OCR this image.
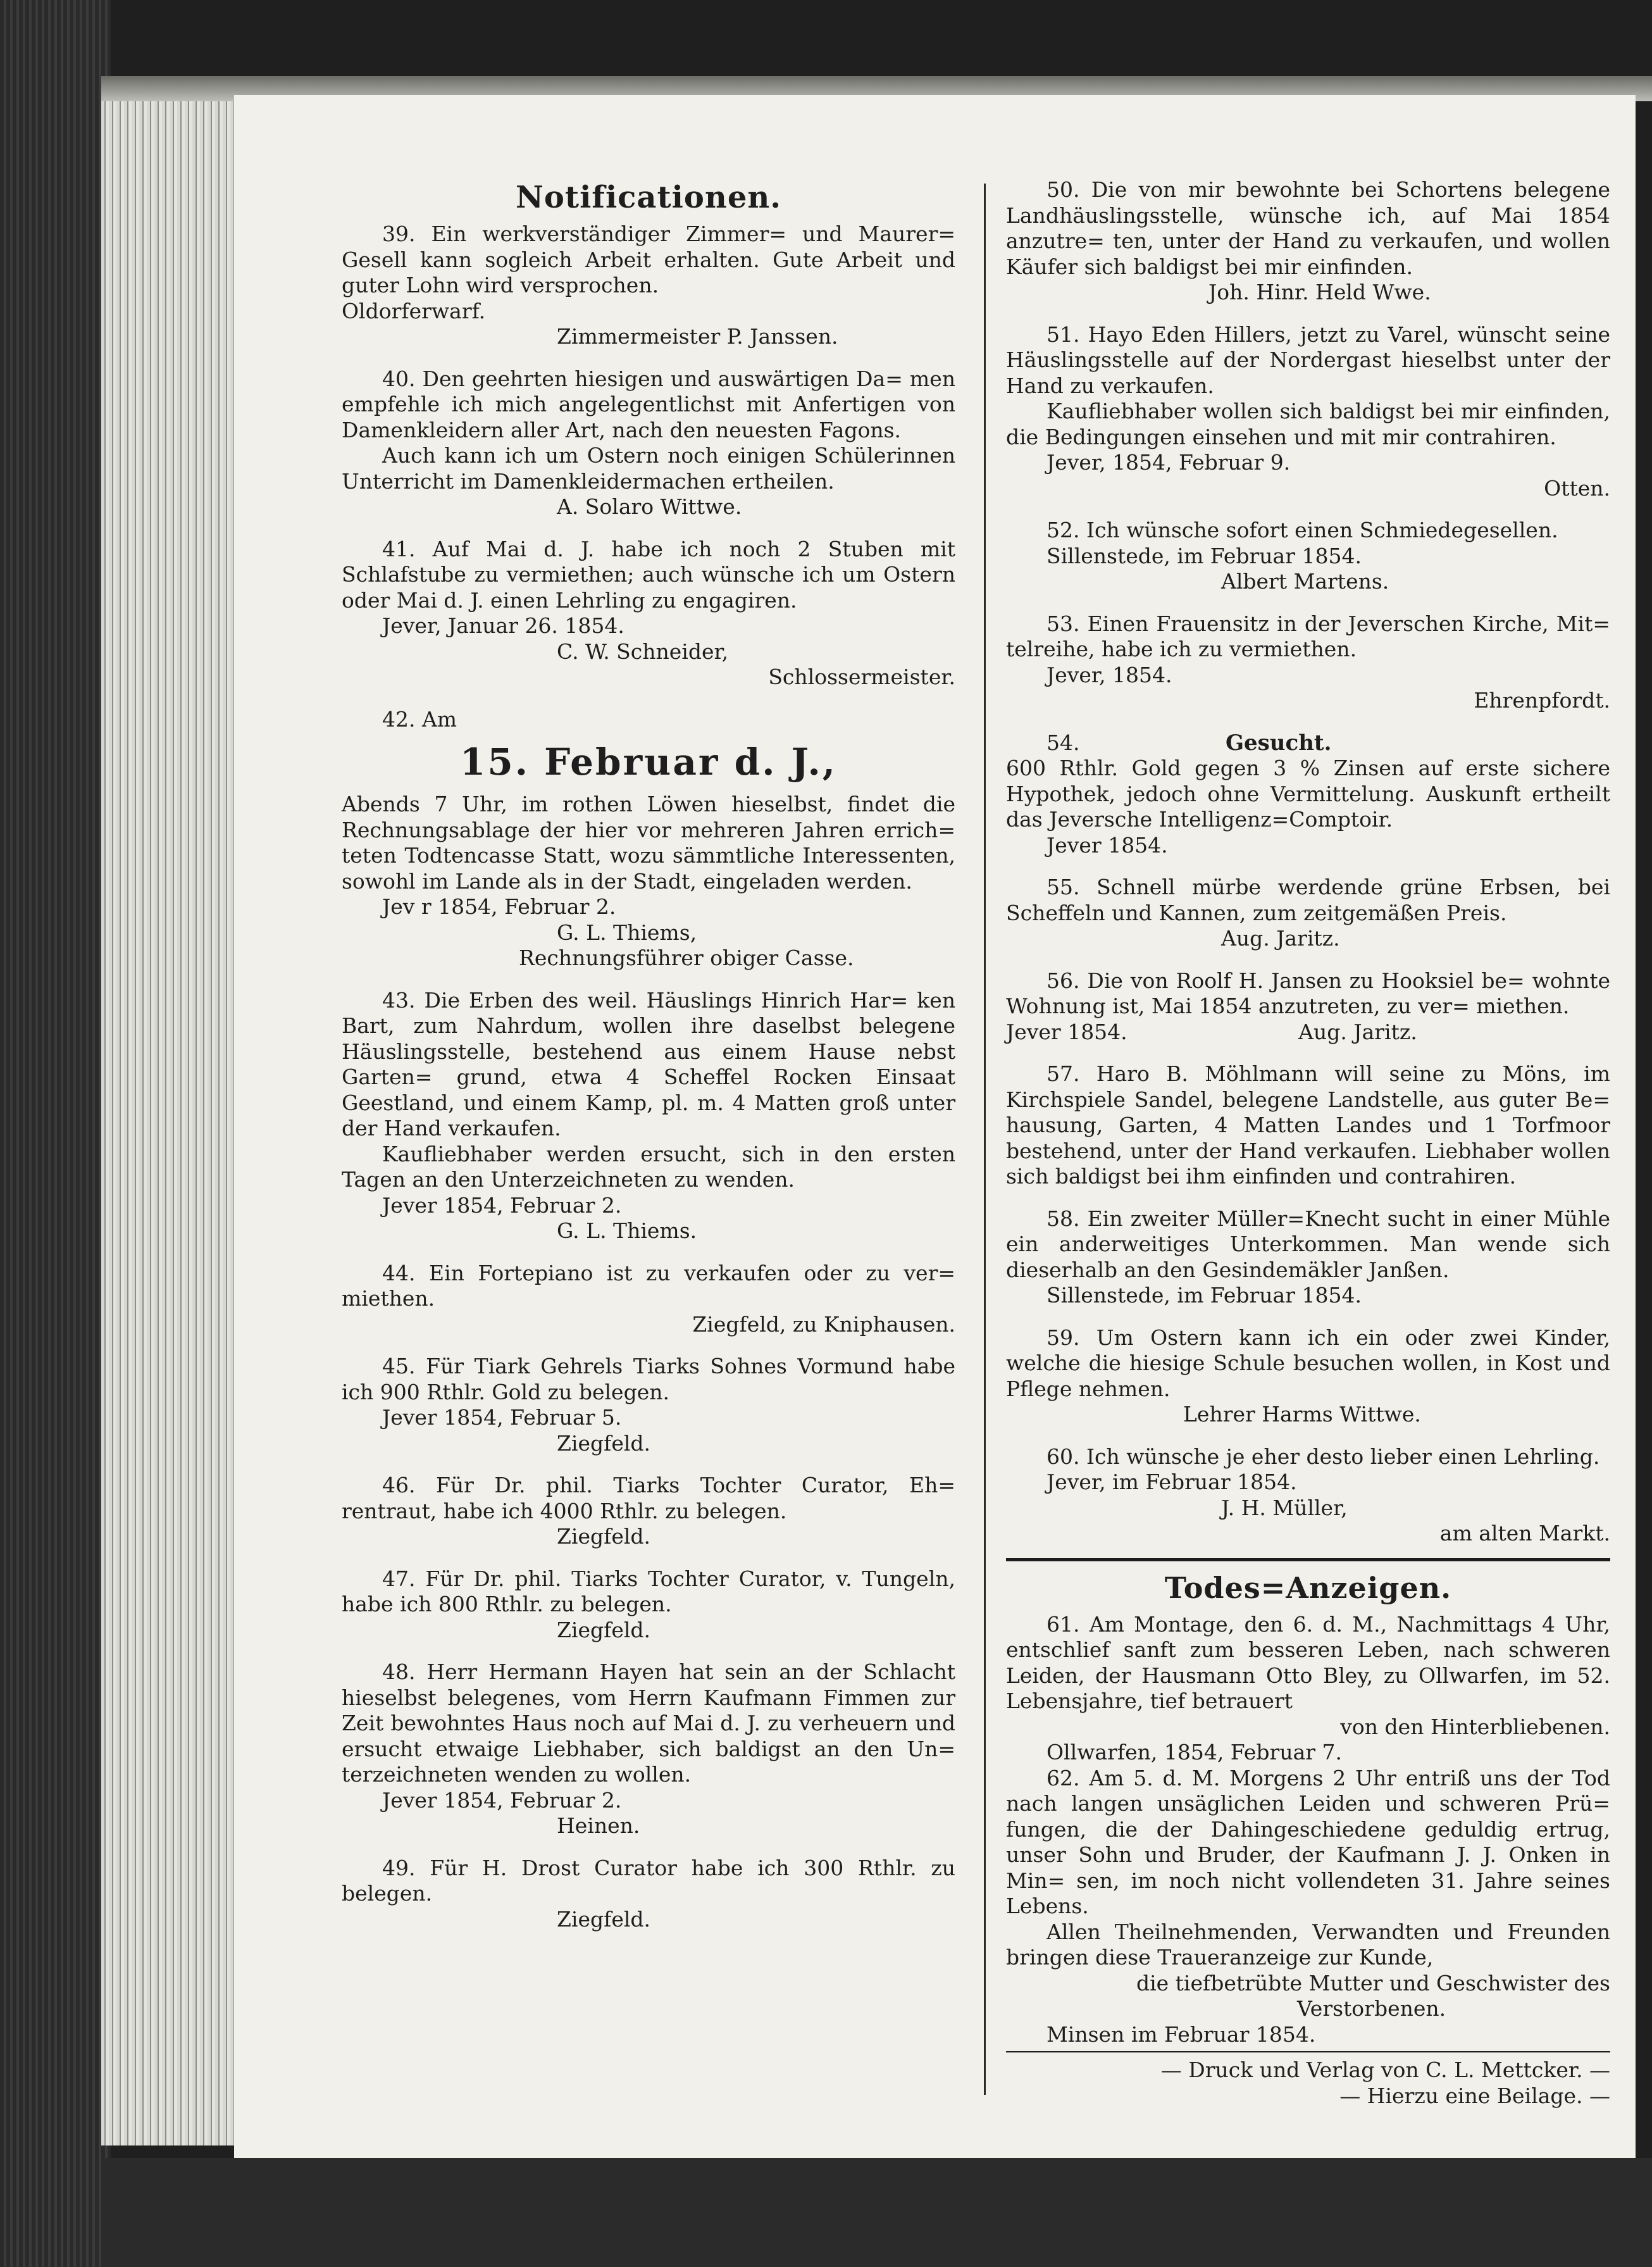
Notificationen.

39. Ein werkverständiger Zimmer= und Maurer= Gesell kann sogleich Arbeit erhalten. Gute Arbeit und guter Lohn wird versprochen.

Oldorferwarf.

Zimmermeister P. Janssen.

40. Den geehrten hiesigen und auswärtigen Da= men empfehle ich mich angelegentlichst mit Anfertigen von Damenkleidern aller Art, nach den neuesten Fagons.

Auch kann ich um Ostern noch einigen Schülerinnen Unterricht im Damenkleidermachen ertheilen.

A. Solaro Wittwe.

41. Auf Mai d. J. habe ich noch 2 Stuben mit Schlafstube zu vermiethen; auch wünsche ich um Ostern oder Mai d. J. einen Lehrling zu engagiren.

Jever, Januar 26. 1854.

C. W. Schneider,

Schlossermeister.

42. Am

15. Februar d. J.,

Abends 7 Uhr, im rothen Löwen hieselbst, findet die Rechnungsablage der hier vor mehreren Jahren errich= teten Todtencasse Statt, wozu sämmtliche Interessenten, sowohl im Lande als in der Stadt, eingeladen werden.

Jev r 1854, Februar 2.

G. L. Thiems,

Rechnungsführer obiger Casse.

43. Die Erben des weil. Häuslings Hinrich Har= ken Bart, zum Nahrdum, wollen ihre daselbst belegene Häuslingsstelle, bestehend aus einem Hause nebst Garten= grund, etwa 4 Scheffel Rocken Einsaat Geestland, und einem Kamp, pl. m. 4 Matten groß unter der Hand verkaufen.

Kaufliebhaber werden ersucht, sich in den ersten Tagen an den Unterzeichneten zu wenden.

Jever 1854, Februar 2.

G. L. Thiems.

44. Ein Fortepiano ist zu verkaufen oder zu ver= miethen.

Ziegfeld, zu Kniphausen.

45. Für Tiark Gehrels Tiarks Sohnes Vormund habe ich 900 Rthlr. Gold zu belegen.

Jever 1854, Februar 5.

Ziegfeld.

46. Für Dr. phil. Tiarks Tochter Curator, Eh= rentraut, habe ich 4000 Rthlr. zu belegen.

Ziegfeld.

47. Für Dr. phil. Tiarks Tochter Curator, v. Tungeln, habe ich 800 Rthlr. zu belegen.

Ziegfeld.

48. Herr Hermann Hayen hat sein an der Schlacht hieselbst belegenes, vom Herrn Kaufmann Fimmen zur Zeit bewohntes Haus noch auf Mai d. J. zu verheuern und ersucht etwaige Liebhaber, sich baldigst an den Un= terzeichneten wenden zu wollen.

Jever 1854, Februar 2.

Heinen.

49. Für H. Drost Curator habe ich 300 Rthlr. zu belegen.

Ziegfeld.

50. Die von mir bewohnte bei Schortens belegene Landhäuslingsstelle, wünsche ich, auf Mai 1854 anzutre= ten, unter der Hand zu verkaufen, und wollen Käufer sich baldigst bei mir einfinden.

Joh. Hinr. Held Wwe.

51. Hayo Eden Hillers, jetzt zu Varel, wünscht seine Häuslingsstelle auf der Nordergast hieselbst unter der Hand zu verkaufen.

Kaufliebhaber wollen sich baldigst bei mir einfinden, die Bedingungen einsehen und mit mir contrahiren.

Jever, 1854, Februar 9.

Otten.

52. Ich wünsche sofort einen Schmiedegesellen.

Sillenstede, im Februar 1854.

Albert Martens.

53. Einen Frauensitz in der Jeverschen Kirche, Mit= telreihe, habe ich zu vermiethen.

Jever, 1854.

Ehrenpfordt.

54.	Gesucht.

600 Rthlr. Gold gegen 3 % Zinsen auf erste sichere Hypothek, jedoch ohne Vermittelung. Auskunft ertheilt das Jeversche Intelligenz=Comptoir.

Jever 1854.

55. Schnell mürbe werdende grüne Erbsen, bei Scheffeln und Kannen, zum zeitgemäßen Preis.

Aug. Jaritz.

56. Die von Roolf H. Jansen zu Hooksiel be= wohnte Wohnung ist, Mai 1854 anzutreten, zu ver= miethen.

Jever 1854.	Aug. Jaritz.

57. Haro B. Möhlmann will seine zu Möns, im Kirchspiele Sandel, belegene Landstelle, aus guter Be= hausung, Garten, 4 Matten Landes und 1 Torfmoor bestehend, unter der Hand verkaufen. Liebhaber wollen sich baldigst bei ihm einfinden und contrahiren.

58. Ein zweiter Müller=Knecht sucht in einer Mühle ein anderweitiges Unterkommen. Man wende sich dieserhalb an den Gesindemäkler Janßen.

Sillenstede, im Februar 1854.

59. Um Ostern kann ich ein oder zwei Kinder, welche die hiesige Schule besuchen wollen, in Kost und Pflege nehmen.

Lehrer Harms Wittwe.

60. Ich wünsche je eher desto lieber einen Lehrling.

Jever, im Februar 1854.

J. H. Müller,

am alten Markt.

Todes=Anzeigen.

61. Am Montage, den 6. d. M., Nachmittags 4 Uhr, entschlief sanft zum besseren Leben, nach schweren Leiden, der Hausmann Otto Bley, zu Ollwarfen, im 52. Lebensjahre, tief betrauert

von den Hinterbliebenen.

Ollwarfen, 1854, Februar 7.

62. Am 5. d. M. Morgens 2 Uhr entriß uns der Tod nach langen unsäglichen Leiden und schweren Prü= fungen, die der Dahingeschiedene geduldig ertrug, unser Sohn und Bruder, der Kaufmann J. J. Onken in Min= sen, im noch nicht vollendeten 31. Jahre seines Lebens.

Allen Theilnehmenden, Verwandten und Freunden bringen diese Traueranzeige zur Kunde,

die tiefbetrübte Mutter und Geschwister des

Verstorbenen.

Minsen im Februar 1854.

— Druck und Verlag von C. L. Mettcker. —

— Hierzu eine Beilage. —
